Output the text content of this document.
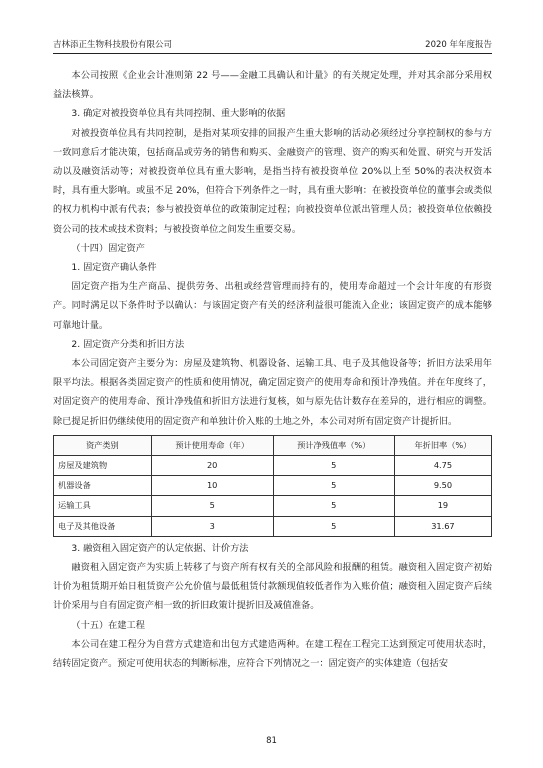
吉林添正生物科技股份有限公司	2020 年年度报告

本公司按照《企业会计准则第 22 号——金融工具确认和计量》的有关规定处理，并对其余部分采用权益法核算。

3. 确定对被投资单位具有共同控制、重大影响的依据

对被投资单位具有共同控制，是指对某项安排的回报产生重大影响的活动必须经过分享控制权的参与方一致同意后才能决策，包括商品或劳务的销售和购买、金融资产的管理、资产的购买和处置、研究与开发活动以及融资活动等；对被投资单位具有重大影响，是指当持有被投资单位 20%以上至 50%的表决权资本时，具有重大影响。或虽不足 20%，但符合下列条件之一时，具有重大影响：在被投资单位的董事会或类似的权力机构中派有代表；参与被投资单位的政策制定过程；向被投资单位派出管理人员；被投资单位依赖投资公司的技术或技术资料；与被投资单位之间发生重要交易。

（十四）固定资产

1. 固定资产确认条件

固定资产指为生产商品、提供劳务、出租或经营管理而持有的，使用寿命超过一个会计年度的有形资产。同时满足以下条件时予以确认：与该固定资产有关的经济利益很可能流入企业；该固定资产的成本能够可靠地计量。

2. 固定资产分类和折旧方法

本公司固定资产主要分为：房屋及建筑物、机器设备、运输工具、电子及其他设备等；折旧方法采用年限平均法。根据各类固定资产的性质和使用情况，确定固定资产的使用寿命和预计净残值。并在年度终了，对固定资产的使用寿命、预计净残值和折旧方法进行复核，如与原先估计数存在差异的，进行相应的调整。除已提足折旧仍继续使用的固定资产和单独计价入账的土地之外，本公司对所有固定资产计提折旧。

资产类别	预计使用寿命（年）	预计净残值率（%）	年折旧率（%）
房屋及建筑物	20	5	4.75
机器设备	10	5	9.50
运输工具	5	5	19
电子及其他设备	3	5	31.67

3. 融资租入固定资产的认定依据、计价方法

融资租入固定资产为实质上转移了与资产所有权有关的全部风险和报酬的租赁。融资租入固定资产初始计价为租赁期开始日租赁资产公允价值与最低租赁付款额现值较低者作为入账价值；融资租入固定资产后续计价采用与自有固定资产相一致的折旧政策计提折旧及减值准备。

（十五）在建工程

本公司在建工程分为自营方式建造和出包方式建造两种。在建工程在工程完工达到预定可使用状态时，结转固定资产。预定可使用状态的判断标准，应符合下列情况之一：固定资产的实体建造（包括安

81
